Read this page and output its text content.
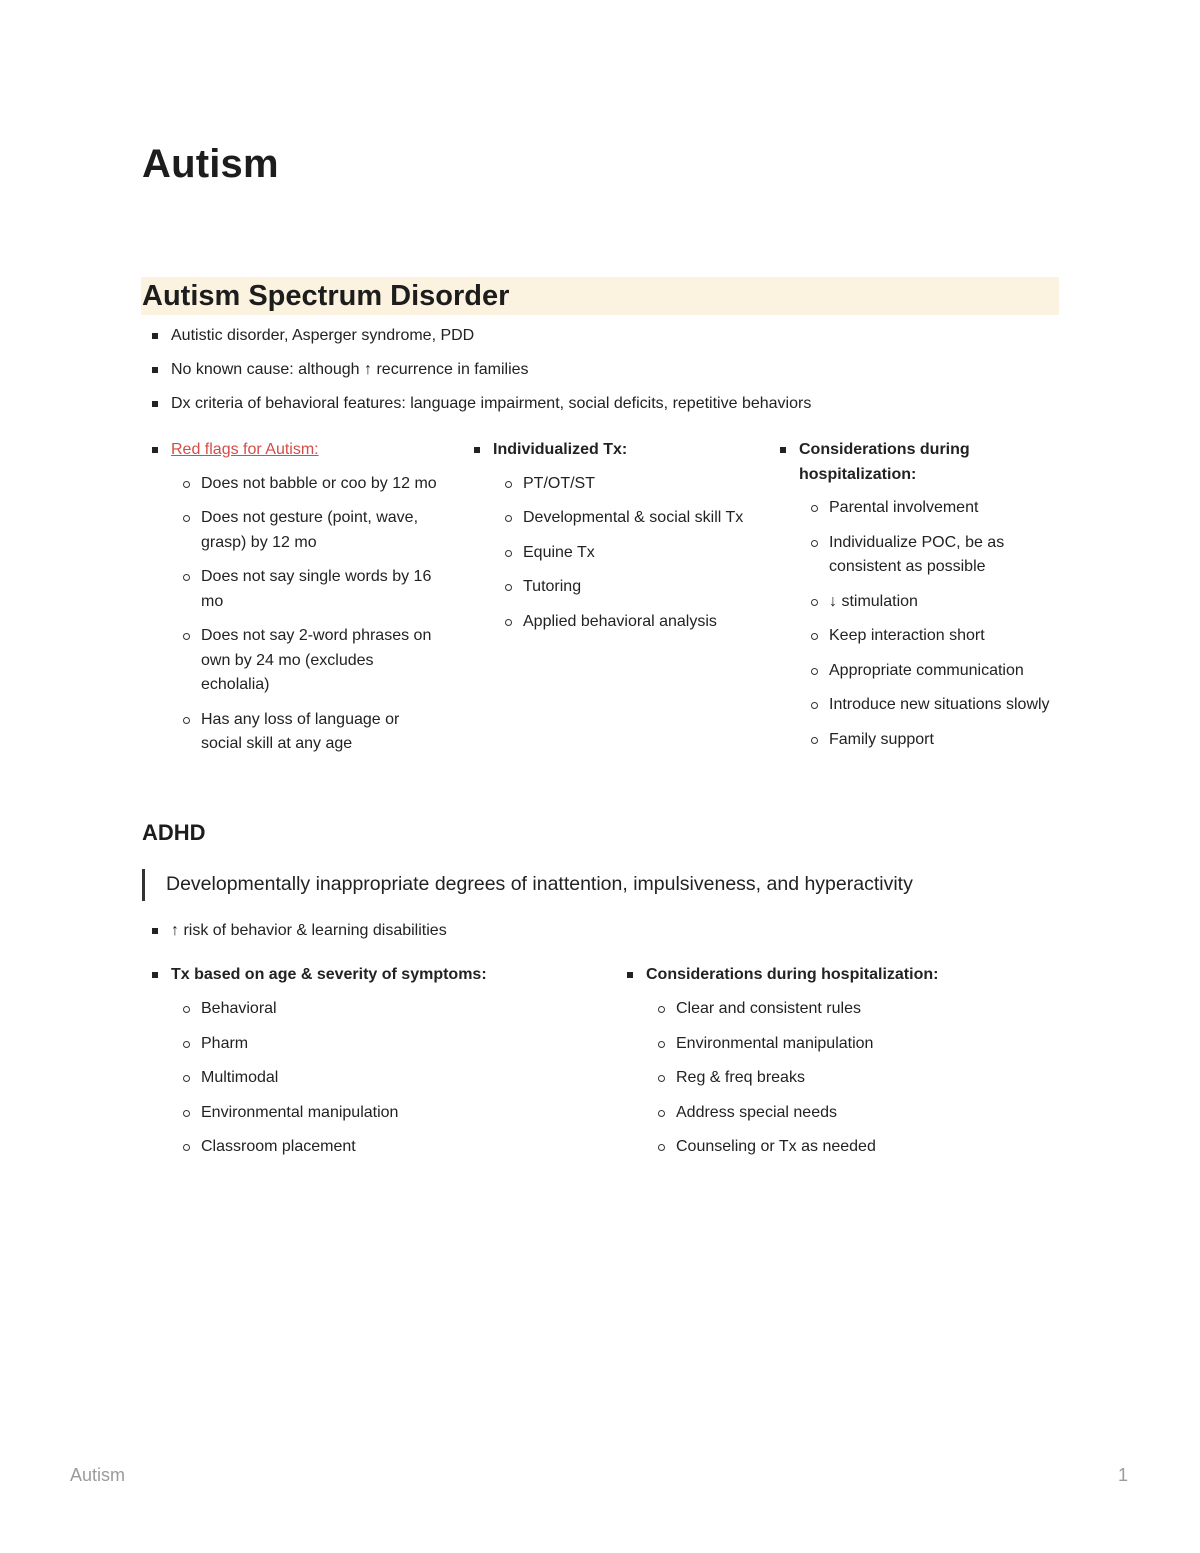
Autism
Autism Spectrum Disorder
Autistic disorder, Asperger syndrome, PDD
No known cause: although ↑ recurrence in families
Dx criteria of behavioral features: language impairment, social deficits, repetitive behaviors
Red flags for Autism:
Does not babble or coo by 12 mo
Does not gesture (point, wave, grasp) by 12 mo
Does not say single words by 16 mo
Does not say 2-word phrases on own by 24 mo (excludes echolalia)
Has any loss of language or social skill at any age
Individualized Tx:
PT/OT/ST
Developmental & social skill Tx
Equine Tx
Tutoring
Applied behavioral analysis
Considerations during hospitalization:
Parental involvement
Individualize POC, be as consistent as possible
↓ stimulation
Keep interaction short
Appropriate communication
Introduce new situations slowly
Family support
ADHD
Developmentally inappropriate degrees of inattention, impulsiveness, and hyperactivity
↑ risk of behavior & learning disabilities
Tx based on age & severity of symptoms:
Behavioral
Pharm
Multimodal
Environmental manipulation
Classroom placement
Considerations during hospitalization:
Clear and consistent rules
Environmental manipulation
Reg & freq breaks
Address special needs
Counseling or Tx as needed
Autism	1
